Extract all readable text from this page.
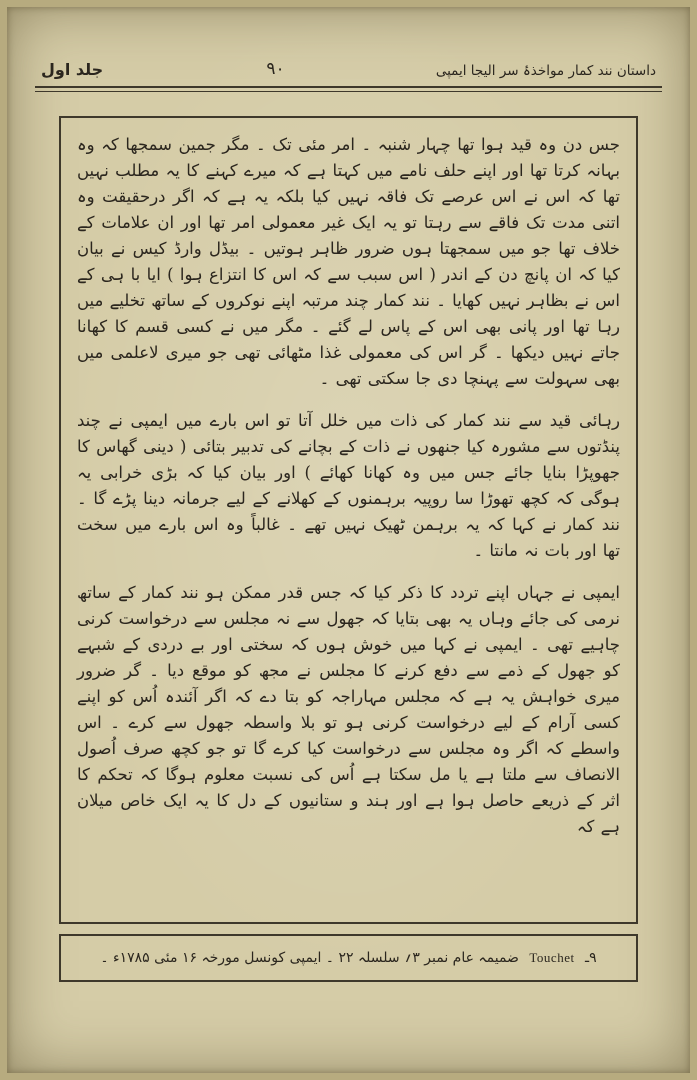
جلد اول	۹۰	داستان نند کمار مواخذۂ سر الیجا ایمپی

جس دن وہ قید ہوا تھا چہار شنبہ ۔ امر مئی تک ۔ مگر جمین سمجھا کہ وہ بہانہ کرتا تھا اور اپنے حلف نامے میں کہتا ہے کہ میرے کہنے کا یہ مطلب نہیں تھا کہ اس نے اس عرصے تک فاقہ نہیں کیا بلکہ یہ ہے کہ اگر درحقیقت وہ اتنی مدت تک فاقے سے رہتا تو یہ ایک غیر معمولی امر تھا اور ان علامات کے خلاف تھا جو میں سمجھتا ہوں ضرور ظاہر ہوتیں ۔ بیڈل وارڈ کیس نے بیان کیا کہ ان پانچ دن کے اندر ( اس سبب سے کہ اس کا انتزاع ہوا ) ایا با ہی کے اس نے بظاہر نہیں کھایا ۔ نند کمار چند مرتبہ اپنے نوکروں کے ساتھ تخلیے میں رہا تھا اور پانی بھی اس کے پاس لے گئے ۔ مگر میں نے کسی قسم کا کھانا جاتے نہیں دیکھا ۔ گر اس کی معمولی غذا مٹھائی تھی جو میری لاعلمی میں بھی سہولت سے پہنچا دی جا سکتی تھی ۔

رہائی قید سے نند کمار کی ذات میں خلل آتا تو اس بارے میں ایمپی نے چند پنڈتوں سے مشورہ کیا جنھوں نے ذات کے بچانے کی تدبیر بتائی ( دینی گھاس کا جھوپڑا بنایا جائے جس میں وہ کھانا کھائے ) اور بیان کیا کہ بڑی خرابی یہ ہوگی کہ کچھ تھوڑا سا روپیہ برہمنوں کے کھلانے کے لیے جرمانہ دینا پڑے گا ۔ نند کمار نے کہا کہ یہ برہمن ٹھیک نہیں تھے ۔ غالباً وہ اس بارے میں سخت تھا اور بات نہ مانتا ۔

ایمپی نے جہاں اپنے تردد کا ذکر کیا کہ جس قدر ممکن ہو نند کمار کے ساتھ نرمی کی جائے وہاں یہ بھی بتایا کہ جھول سے نہ مجلس سے درخواست کرنی چاہیے تھی ۔ ایمپی نے کہا میں خوش ہوں کہ سختی اور بے دردی کے شبہے کو جھول کے ذمے سے دفع کرنے کا مجلس نے مجھ کو موقع دیا ۔ گر ضرور میری خواہش یہ ہے کہ مجلس مہاراجہ کو بتا دے کہ اگر آئندہ اُس کو اپنے کسی آرام کے لیے درخواست کرنی ہو تو بلا واسطہ جھول سے کرے ۔ اس واسطے کہ اگر وہ مجلس سے درخواست کیا کرے گا تو جو کچھ صرف اُصول الانصاف سے ملتا ہے یا مل سکتا ہے اُس کی نسبت معلوم ہوگا کہ تحکم کا اثر کے ذریعے حاصل ہوا ہے اور ہند و ستانیوں کے دل کا یہ ایک خاص میلان ہے کہ

۹ـ Touchet ضمیمہ عام نمبر ۳؍ سلسلہ ۲۲ ۔ ایمپی کونسل مورخہ ۱۶ مئی ۱۷۸۵ء ۔
